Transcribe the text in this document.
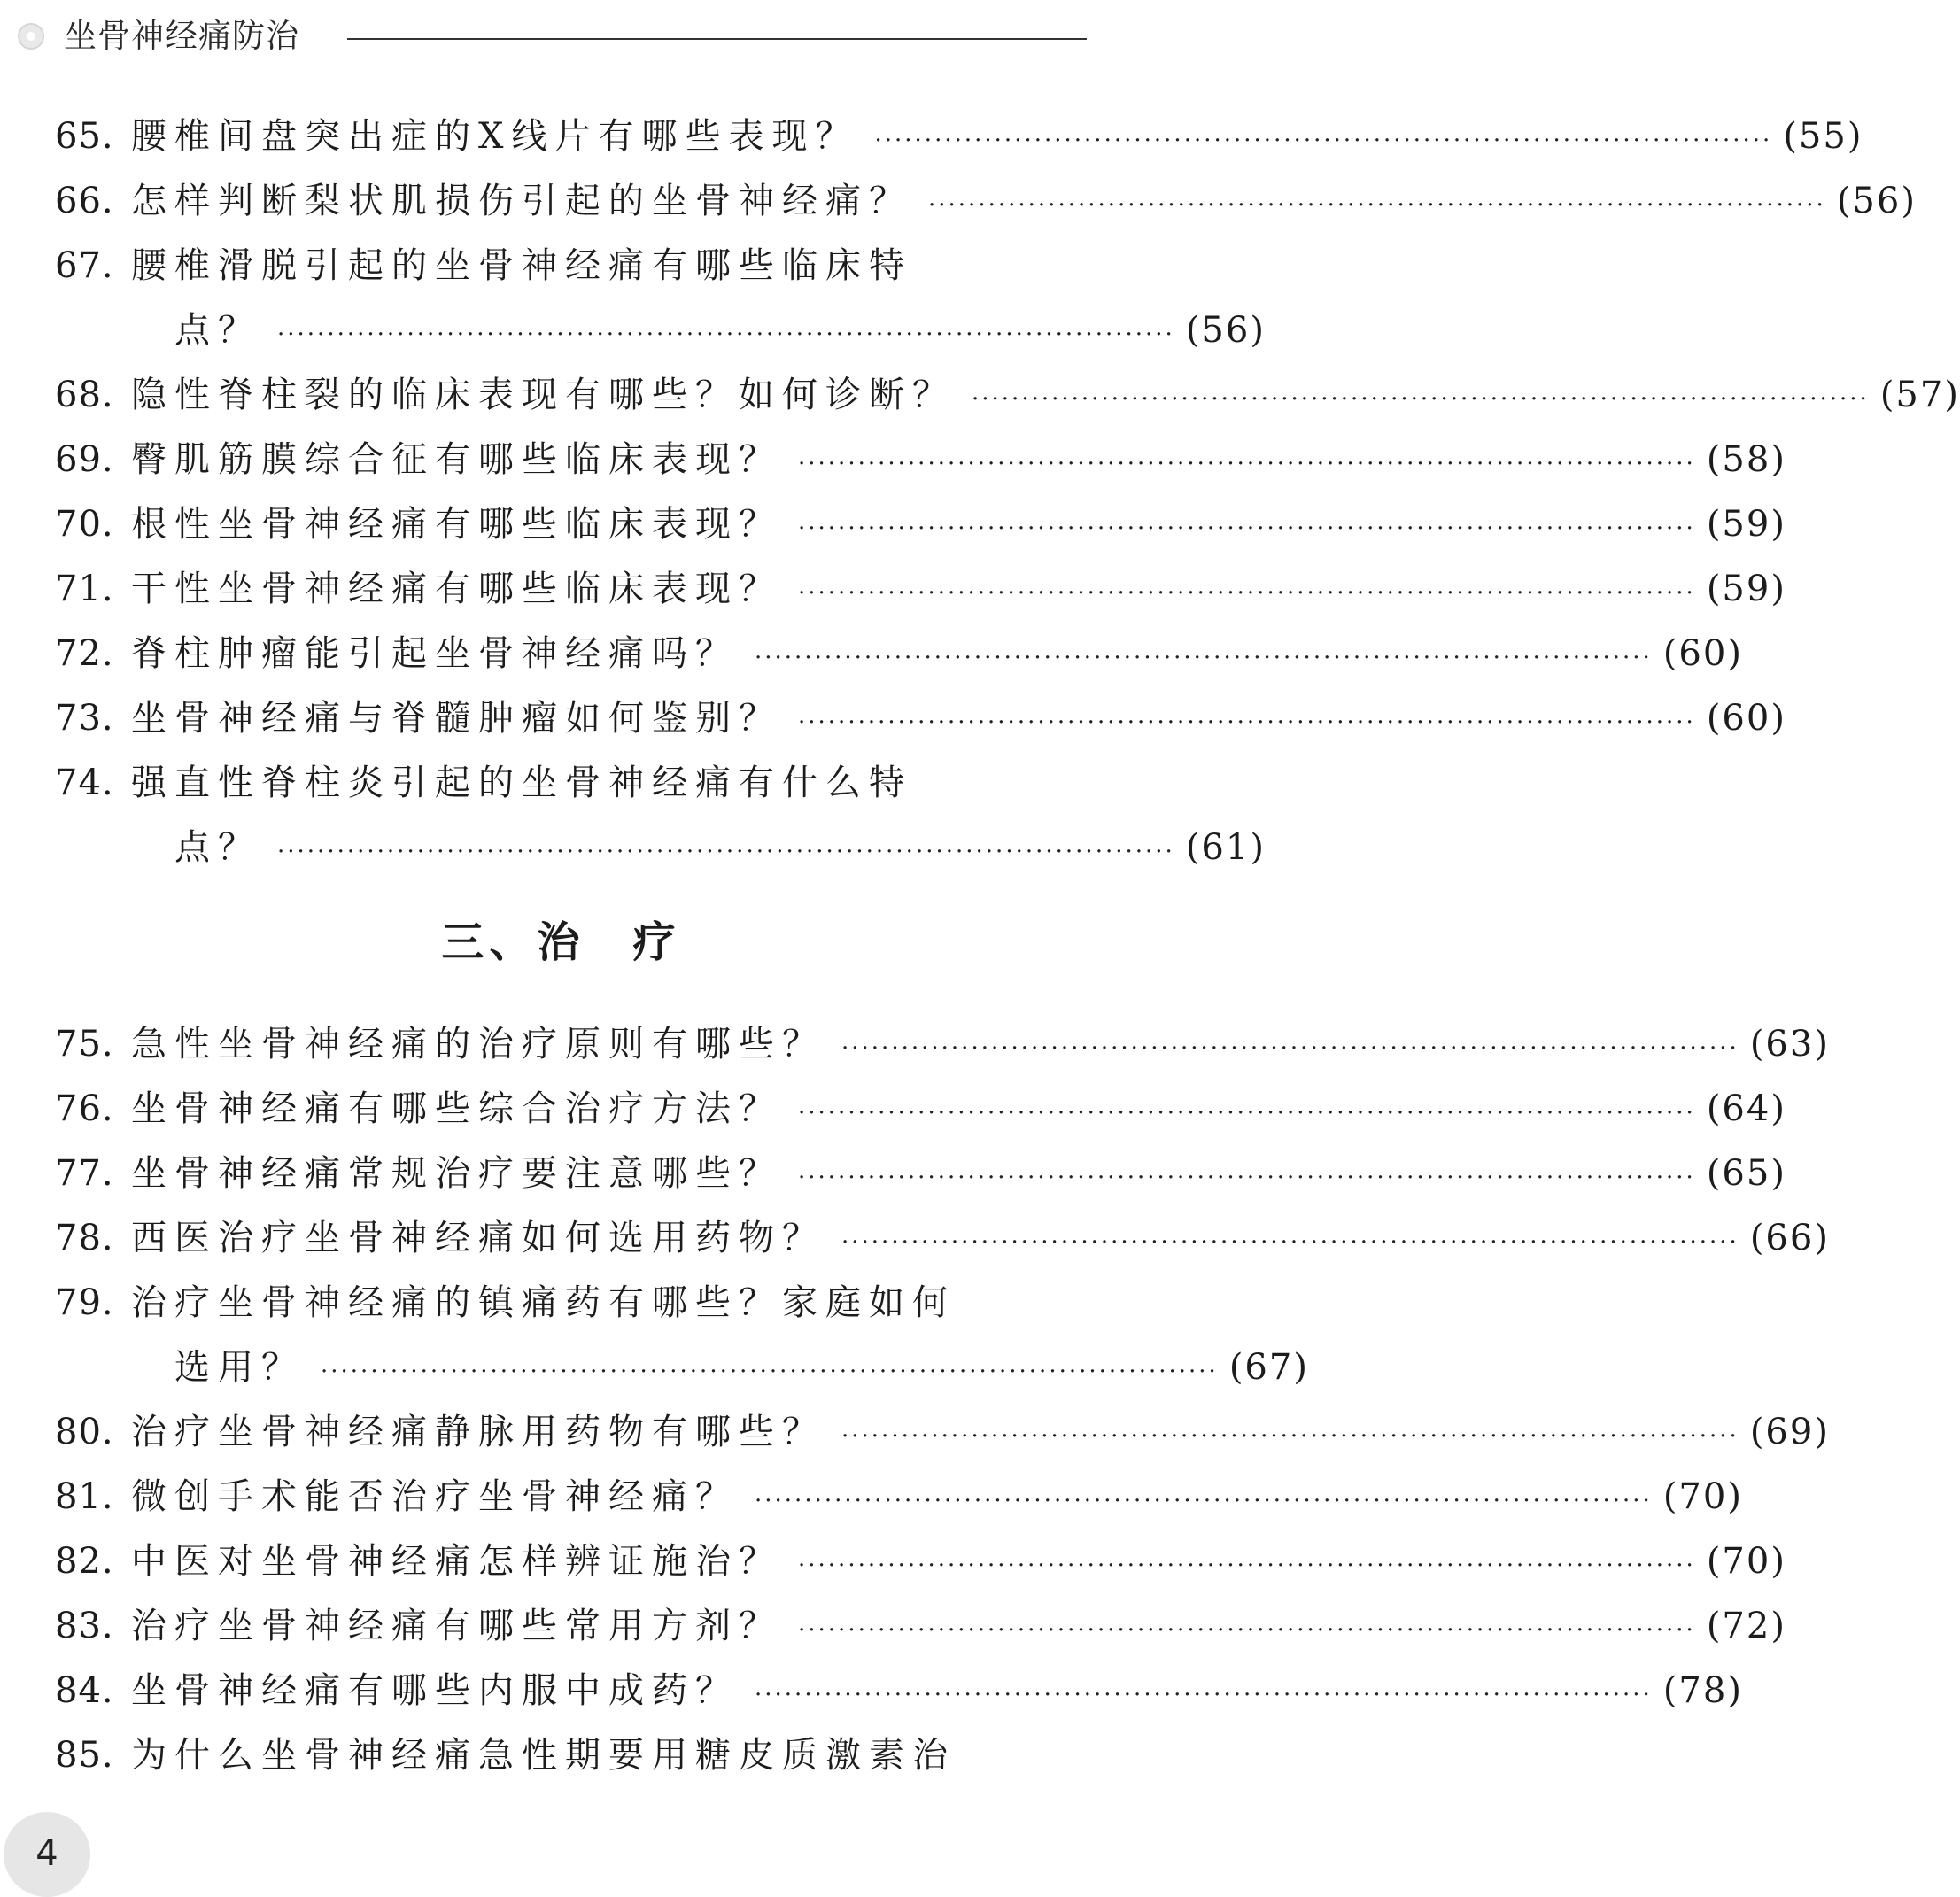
坐骨神经痛防治
65. 腰椎间盘突出症的X线片有哪些表现？ ·························································································· (55)
66. 怎样判断梨状肌损伤引起的坐骨神经痛？ ·························································································· (56)
67. 腰椎滑脱引起的坐骨神经痛有哪些临床特
点？ ·························································································· (56)
68. 隐性脊柱裂的临床表现有哪些？如何诊断？ ·························································································· (57)
69. 臀肌筋膜综合征有哪些临床表现？ ·························································································· (58)
70. 根性坐骨神经痛有哪些临床表现？ ·························································································· (59)
71. 干性坐骨神经痛有哪些临床表现？ ·························································································· (59)
72. 脊柱肿瘤能引起坐骨神经痛吗？ ·························································································· (60)
73. 坐骨神经痛与脊髓肿瘤如何鉴别？ ·························································································· (60)
74. 强直性脊柱炎引起的坐骨神经痛有什么特
点？ ·························································································· (61)
三、治　疗
75. 急性坐骨神经痛的治疗原则有哪些？ ·························································································· (63)
76. 坐骨神经痛有哪些综合治疗方法？ ·························································································· (64)
77. 坐骨神经痛常规治疗要注意哪些？ ·························································································· (65)
78. 西医治疗坐骨神经痛如何选用药物？ ·························································································· (66)
79. 治疗坐骨神经痛的镇痛药有哪些？家庭如何
选用？ ·························································································· (67)
80. 治疗坐骨神经痛静脉用药物有哪些？ ·························································································· (69)
81. 微创手术能否治疗坐骨神经痛？ ·························································································· (70)
82. 中医对坐骨神经痛怎样辨证施治？ ·························································································· (70)
83. 治疗坐骨神经痛有哪些常用方剂？ ·························································································· (72)
84. 坐骨神经痛有哪些内服中成药？ ·························································································· (78)
85. 为什么坐骨神经痛急性期要用糖皮质激素治
4
